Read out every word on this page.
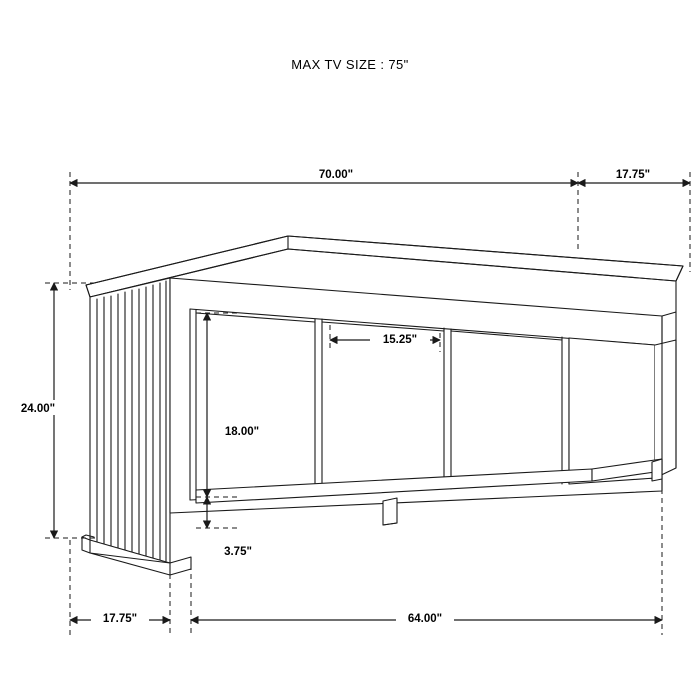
MAX TV SIZE : 75"
70.00"	17.75"
24.00"
15.25"
18.00"
3.75"
17.75"	64.00"
